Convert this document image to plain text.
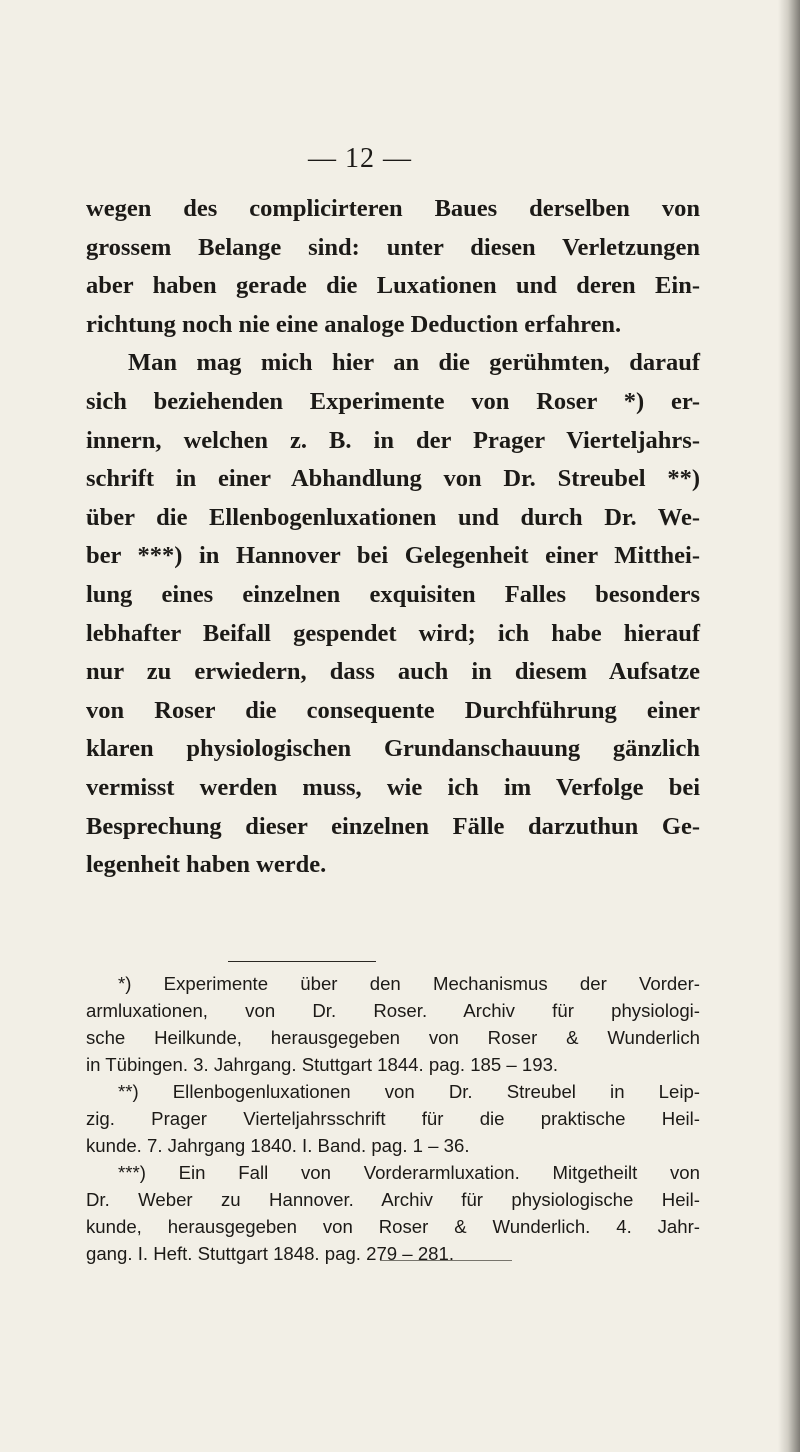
— 12 —
wegen des complicirteren Baues derselben von
grossem Belange sind: unter diesen Verletzungen
aber haben gerade die Luxationen und deren Ein-
richtung noch nie eine analoge Deduction erfahren.
Man mag mich hier an die gerühmten, darauf
sich beziehenden Experimente von Roser *) er-
innern, welchen z. B. in der Prager Vierteljahrs-
schrift in einer Abhandlung von Dr. Streubel **)
über die Ellenbogenluxationen und durch Dr. We-
ber ***) in Hannover bei Gelegenheit einer Mitthei-
lung eines einzelnen exquisiten Falles besonders
lebhafter Beifall gespendet wird; ich habe hierauf
nur zu erwiedern, dass auch in diesem Aufsatze
von Roser die consequente Durchführung einer
klaren physiologischen Grundanschauung gänzlich
vermisst werden muss, wie ich im Verfolge bei
Besprechung dieser einzelnen Fälle darzuthun Ge-
legenheit haben werde.
*) Experimente über den Mechanismus der Vorder-
armluxationen, von Dr. Roser. Archiv für physiologi-
sche Heilkunde, herausgegeben von Roser & Wunderlich
in Tübingen. 3. Jahrgang. Stuttgart 1844. pag. 185 – 193.
**) Ellenbogenluxationen von Dr. Streubel in Leip-
zig. Prager Vierteljahrsschrift für die praktische Heil-
kunde. 7. Jahrgang 1840. I. Band. pag. 1 – 36.
***) Ein Fall von Vorderarmluxation. Mitgetheilt von
Dr. Weber zu Hannover. Archiv für physiologische Heil-
kunde, herausgegeben von Roser & Wunderlich. 4. Jahr-
gang. I. Heft. Stuttgart 1848. pag. 279 – 281.
